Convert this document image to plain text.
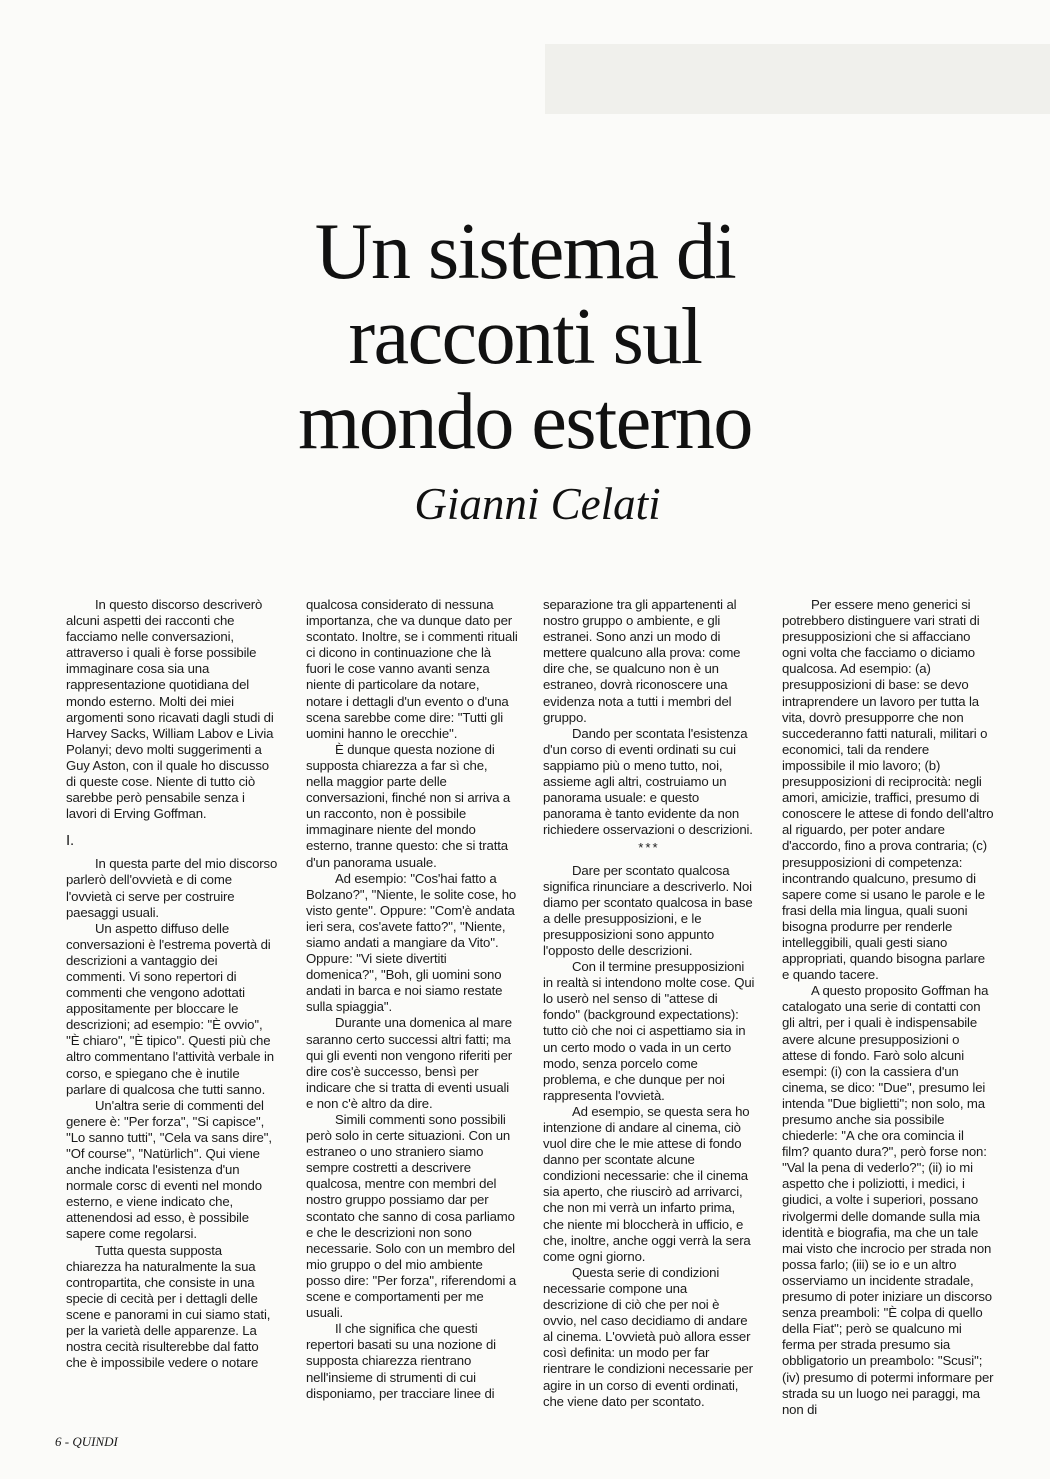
Un sistema di
racconti sul
mondo esterno
Gianni Celati

In questo discorso descriverò alcuni aspetti dei racconti che facciamo nelle conversazioni, attraverso i quali è forse possibile immaginare cosa sia una rappresentazione quotidiana del mondo esterno. Molti dei miei argomenti sono ricavati dagli studi di Harvey Sacks, William Labov e Livia Polanyi; devo molti suggerimenti a Guy Aston, con il quale ho discusso di queste cose. Niente di tutto ciò sarebbe però pensabile senza i lavori di Erving Goffman.

I.

In questa parte del mio discorso parlerò dell'ovvietà e di come l'ovvietà ci serve per costruire paesaggi usuali.

Un aspetto diffuso delle conversazioni è l'estrema povertà di descrizioni a vantaggio dei commenti. Vi sono repertori di commenti che vengono adottati appositamente per bloccare le descrizioni; ad esempio: ''È ovvio'', ''È chiaro'', ''È tipico''. Questi più che altro commentano l'attività verbale in corso, e spiegano che è inutile parlare di qualcosa che tutti sanno.

Un'altra serie di commenti del genere è: ''Per forza'', ''Si capisce'', ''Lo sanno tutti'', ''Cela va sans dire'', ''Of course'', ''Natürlich''. Qui viene anche indicata l'esistenza d'un normale corsc di eventi nel mondo esterno, e viene indicato che, attenendosi ad esso, è possibile sapere come regolarsi.

Tutta questa supposta chiarezza ha naturalmente la sua contropartita, che consiste in una specie di cecità per i dettagli delle scene e panorami in cui siamo stati, per la varietà delle apparenze. La nostra cecità risulterebbe dal fatto che è impossibile vedere o notare

qualcosa considerato di nessuna importanza, che va dunque dato per scontato. Inoltre, se i commenti rituali ci dicono in continuazione che là fuori le cose vanno avanti senza niente di particolare da notare, notare i dettagli d'un evento o d'una scena sarebbe come dire: ''Tutti gli uomini hanno le orecchie''.

È dunque questa nozione di supposta chiarezza a far sì che, nella maggior parte delle conversazioni, finché non si arriva a un racconto, non è possibile immaginare niente del mondo esterno, tranne questo: che si tratta d'un panorama usuale.

Ad esempio: ''Cos'hai fatto a Bolzano?'', ''Niente, le solite cose, ho visto gente''. Oppure: ''Com'è andata ieri sera, cos'avete fatto?'', ''Niente, siamo andati a mangiare da Vito''. Oppure: ''Vi siete divertiti domenica?'', ''Boh, gli uomini sono andati in barca e noi siamo restate sulla spiaggia''.

Durante una domenica al mare saranno certo successi altri fatti; ma qui gli eventi non vengono riferiti per dire cos'è successo, bensì per indicare che si tratta di eventi usuali e non c'è altro da dire.

Simili commenti sono possibili però solo in certe situazioni. Con un estraneo o uno straniero siamo sempre costretti a descrivere qualcosa, mentre con membri del nostro gruppo possiamo dar per scontato che sanno di cosa parliamo e che le descrizioni non sono necessarie. Solo con un membro del mio gruppo o del mio ambiente posso dire: ''Per forza'', riferendomi a scene e comportamenti per me usuali.

Il che significa che questi repertori basati su una nozione di supposta chiarezza rientrano nell'insieme di strumenti di cui disponiamo, per tracciare linee di

separazione tra gli appartenenti al nostro gruppo o ambiente, e gli estranei. Sono anzi un modo di mettere qualcuno alla prova: come dire che, se qualcuno non è un estraneo, dovrà riconoscere una evidenza nota a tutti i membri del gruppo.

Dando per scontata l'esistenza d'un corso di eventi ordinati su cui sappiamo più o meno tutto, noi, assieme agli altri, costruiamo un panorama usuale: e questo panorama è tanto evidente da non richiedere osservazioni o descrizioni.

***

Dare per scontato qualcosa significa rinunciare a descriverlo. Noi diamo per scontato qualcosa in base a delle presupposizioni, e le presupposizioni sono appunto l'opposto delle descrizioni.

Con il termine presupposizioni in realtà si intendono molte cose. Qui lo userò nel senso di ''attese di fondo'' (background expectations): tutto ciò che noi ci aspettiamo sia in un certo modo o vada in un certo modo, senza porcelo come problema, e che dunque per noi rappresenta l'ovvietà.

Ad esempio, se questa sera ho intenzione di andare al cinema, ciò vuol dire che le mie attese di fondo danno per scontate alcune condizioni necessarie: che il cinema sia aperto, che riuscirò ad arrivarci, che non mi verrà un infarto prima, che niente mi bloccherà in ufficio, e che, inoltre, anche oggi verrà la sera come ogni giorno.

Questa serie di condizioni necessarie compone una descrizione di ciò che per noi è ovvio, nel caso decidiamo di andare al cinema. L'ovvietà può allora esser così definita: un modo per far rientrare le condizioni necessarie per agire in un corso di eventi ordinati, che viene dato per scontato.

Per essere meno generici si potrebbero distinguere vari strati di presupposizioni che si affacciano ogni volta che facciamo o diciamo qualcosa. Ad esempio: (a) presupposizioni di base: se devo intraprendere un lavoro per tutta la vita, dovrò presupporre che non succederanno fatti naturali, militari o economici, tali da rendere impossibile il mio lavoro; (b) presupposizioni di reciprocità: negli amori, amicizie, traffici, presumo di conoscere le attese di fondo dell'altro al riguardo, per poter andare d'accordo, fino a prova contraria; (c) presupposizioni di competenza: incontrando qualcuno, presumo di sapere come si usano le parole e le frasi della mia lingua, quali suoni bisogna produrre per renderle intelleggibili, quali gesti siano appropriati, quando bisogna parlare e quando tacere.

A questo proposito Goffman ha catalogato una serie di contatti con gli altri, per i quali è indispensabile avere alcune presupposizioni o attese di fondo. Farò solo alcuni esempi: (i) con la cassiera d'un cinema, se dico: ''Due'', presumo lei intenda ''Due biglietti''; non solo, ma presumo anche sia possibile chiederle: ''A che ora comincia il film? quanto dura?'', però forse non: ''Val la pena di vederlo?''; (ii) io mi aspetto che i poliziotti, i medici, i giudici, a volte i superiori, possano rivolgermi delle domande sulla mia identità e biografia, ma che un tale mai visto che incrocio per strada non possa farlo; (iii) se io e un altro osserviamo un incidente stradale, presumo di poter iniziare un discorso senza preamboli: ''È colpa di quello della Fiat''; però se qualcuno mi ferma per strada presumo sia obbligatorio un preambolo: ''Scusi''; (iv) presumo di potermi informare per strada su un luogo nei paraggi, ma non di

6 - QUINDI
